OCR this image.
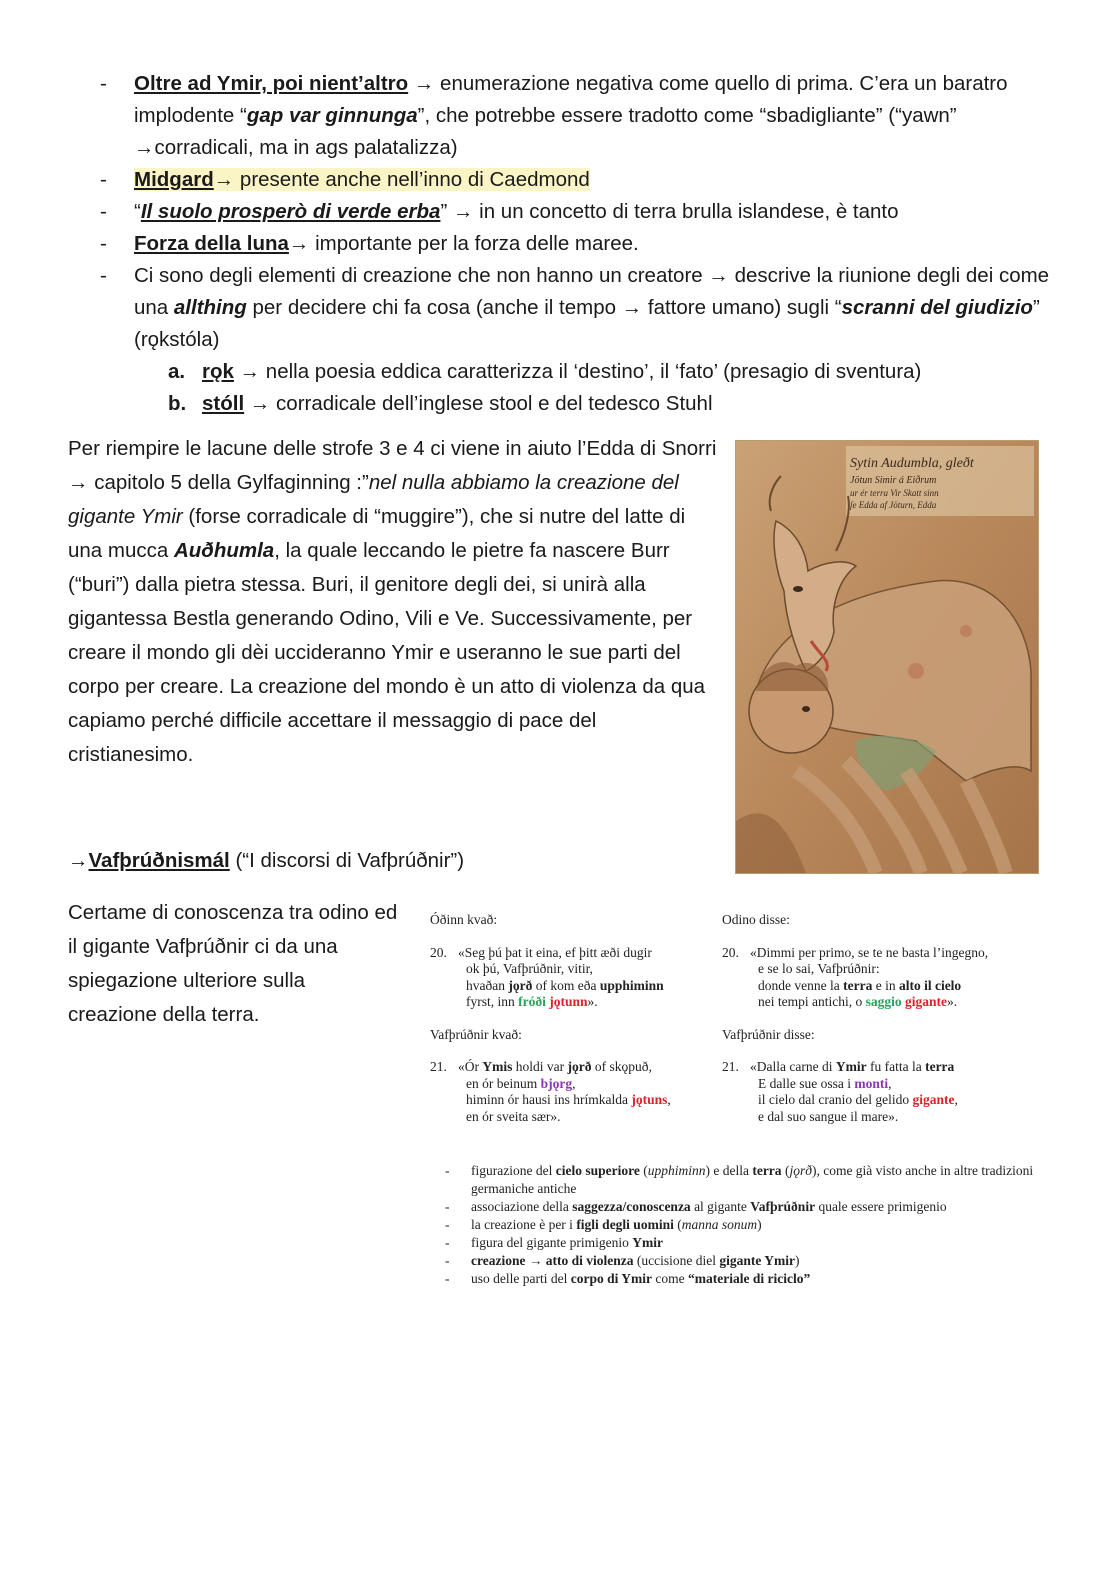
- Oltre ad Ymir, poi nient’altro → enumerazione negativa come quello di prima. C’era un baratro implodente “gap var ginnunga”, che potrebbe essere tradotto come “sbadigliante” (“yawn” →corradicali, ma in ags palatalizza)
- Midgard→ presente anche nell’inno di Caedmond
- “Il suolo prosperò di verde erba” → in un concetto di terra brulla islandese, è tanto
- Forza della luna→ importante per la forza delle maree.
- Ci sono degli elementi di creazione che non hanno un creatore → descrive la riunione degli dei come una allthing per decidere chi fa cosa (anche il tempo → fattore umano) sugli “scranni del giudizio” (rǫkstóla)
a. rǫk → nella poesia eddica caratterizza il ‘destino’, il ‘fato’ (presagio di sventura)
b. stóll → corradicale dell’inglese stool e del tedesco Stuhl

Per riempire le lacune delle strofe 3 e 4 ci viene in aiuto l’Edda di Snorri → capitolo 5 della Gylfaginning :”nel nulla abbiamo la creazione del gigante Ymir (forse corradicale di “muggire”), che si nutre del latte di una mucca Auðhumla, la quale leccando le pietre fa nascere Burr (“buri”) dalla pietra stessa. Buri, il genitore degli dei, si unirà alla gigantessa Bestla generando Odino, Vili e Ve. Successivamente, per creare il mondo gli dèi uccideranno Ymir e useranno le sue parti del corpo per creare. La creazione del mondo è un atto di violenza da qua capiamo perché difficile accettare il messaggio di pace del cristianesimo.

Sytin Audumbla, gleðt
Jötun Simir á Eiðrum
ur ér terra Vir Skatt sinn
ſe Edda af Jöturn, Edda
→Vafþrúðnismál (“I discorsi di Vafþrúðnir”)

Certame di conoscenza tra odino ed il gigante Vafþrúðnir ci da una spiegazione ulteriore sulla creazione della terra.

Óðinn kvað:
20. «Seg þú þat it eina, ef þitt æði dugir
ok þú, Vafþrúðnir, vitir,
hvaðan jǫrð of kom eða upphiminn
fyrst, inn fróði jǫtunn».
Vafþrúðnir kvað:
21. «Ór Ymis holdi var jǫrð of skǫpuð,
en ór beinum bjǫrg,
himinn ór hausi ins hrímkalda jǫtuns,
en ór sveita sær».
Odino disse:
20. «Dimmi per primo, se te ne basta l’ingegno,
e se lo sai, Vafþrúðnir:
donde venne la terra e in alto il cielo
nei tempi antichi, o saggio gigante».
Vafþrúðnir disse:
21. «Dalla carne di Ymir fu fatta la terra
E dalle sue ossa i monti,
il cielo dal cranio del gelido gigante,
e dal suo sangue il mare».
- figurazione del cielo superiore (upphiminn) e della terra (jǫrð), come già visto anche in altre tradizioni germaniche antiche
- associazione della saggezza/conoscenza al gigante Vafþrúðnir quale essere primigenio
- la creazione è per i figli degli uomini (manna sonum)
- figura del gigante primigenio Ymir
- creazione → atto di violenza (uccisione diel gigante Ymir)
- uso delle parti del corpo di Ymir come “materiale di riciclo”
